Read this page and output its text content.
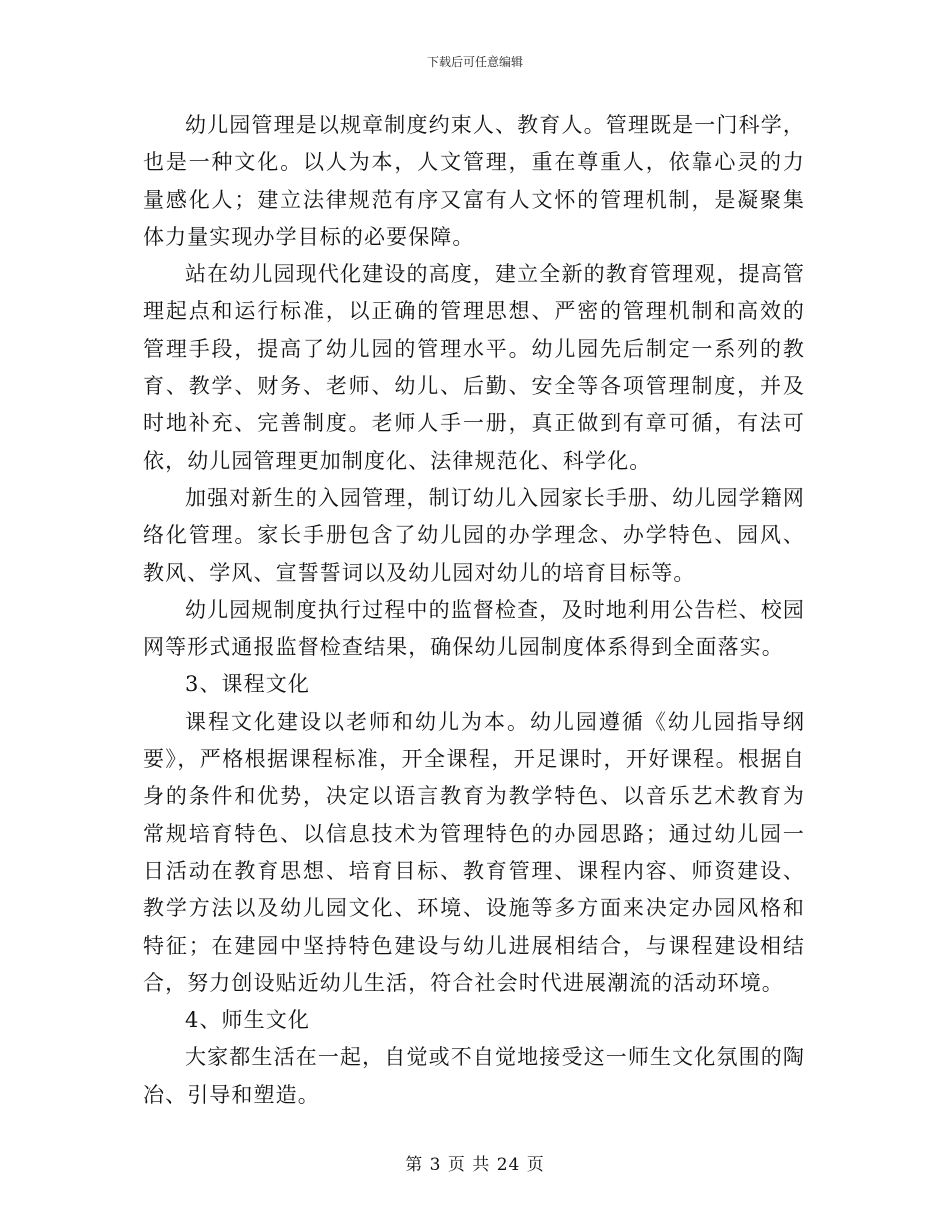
下载后可任意编辑

幼儿园管理是以规章制度约束人、教育人。管理既是一门科学，也是一种文化。以人为本，人文管理，重在尊重人，依靠心灵的力量感化人；建立法律规范有序又富有人文怀的管理机制，是凝聚集体力量实现办学目标的必要保障。

站在幼儿园现代化建设的高度，建立全新的教育管理观，提高管理起点和运行标准，以正确的管理思想、严密的管理机制和高效的管理手段，提高了幼儿园的管理水平。幼儿园先后制定一系列的教育、教学、财务、老师、幼儿、后勤、安全等各项管理制度，并及时地补充、完善制度。老师人手一册，真正做到有章可循，有法可依，幼儿园管理更加制度化、法律规范化、科学化。

加强对新生的入园管理，制订幼儿入园家长手册、幼儿园学籍网络化管理。家长手册包含了幼儿园的办学理念、办学特色、园风、教风、学风、宣誓誓词以及幼儿园对幼儿的培育目标等。

幼儿园规制度执行过程中的监督检查，及时地利用公告栏、校园网等形式通报监督检查结果，确保幼儿园制度体系得到全面落实。

3、课程文化

课程文化建设以老师和幼儿为本。幼儿园遵循《幼儿园指导纲要》，严格根据课程标准，开全课程，开足课时，开好课程。根据自身的条件和优势，决定以语言教育为教学特色、以音乐艺术教育为常规培育特色、以信息技术为管理特色的办园思路；通过幼儿园一日活动在教育思想、培育目标、教育管理、课程内容、师资建设、教学方法以及幼儿园文化、环境、设施等多方面来决定办园风格和特征；在建园中坚持特色建设与幼儿进展相结合，与课程建设相结合，努力创设贴近幼儿生活，符合社会时代进展潮流的活动环境。

4、师生文化

大家都生活在一起，自觉或不自觉地接受这一师生文化氛围的陶冶、引导和塑造。

第 3 页 共 24 页
